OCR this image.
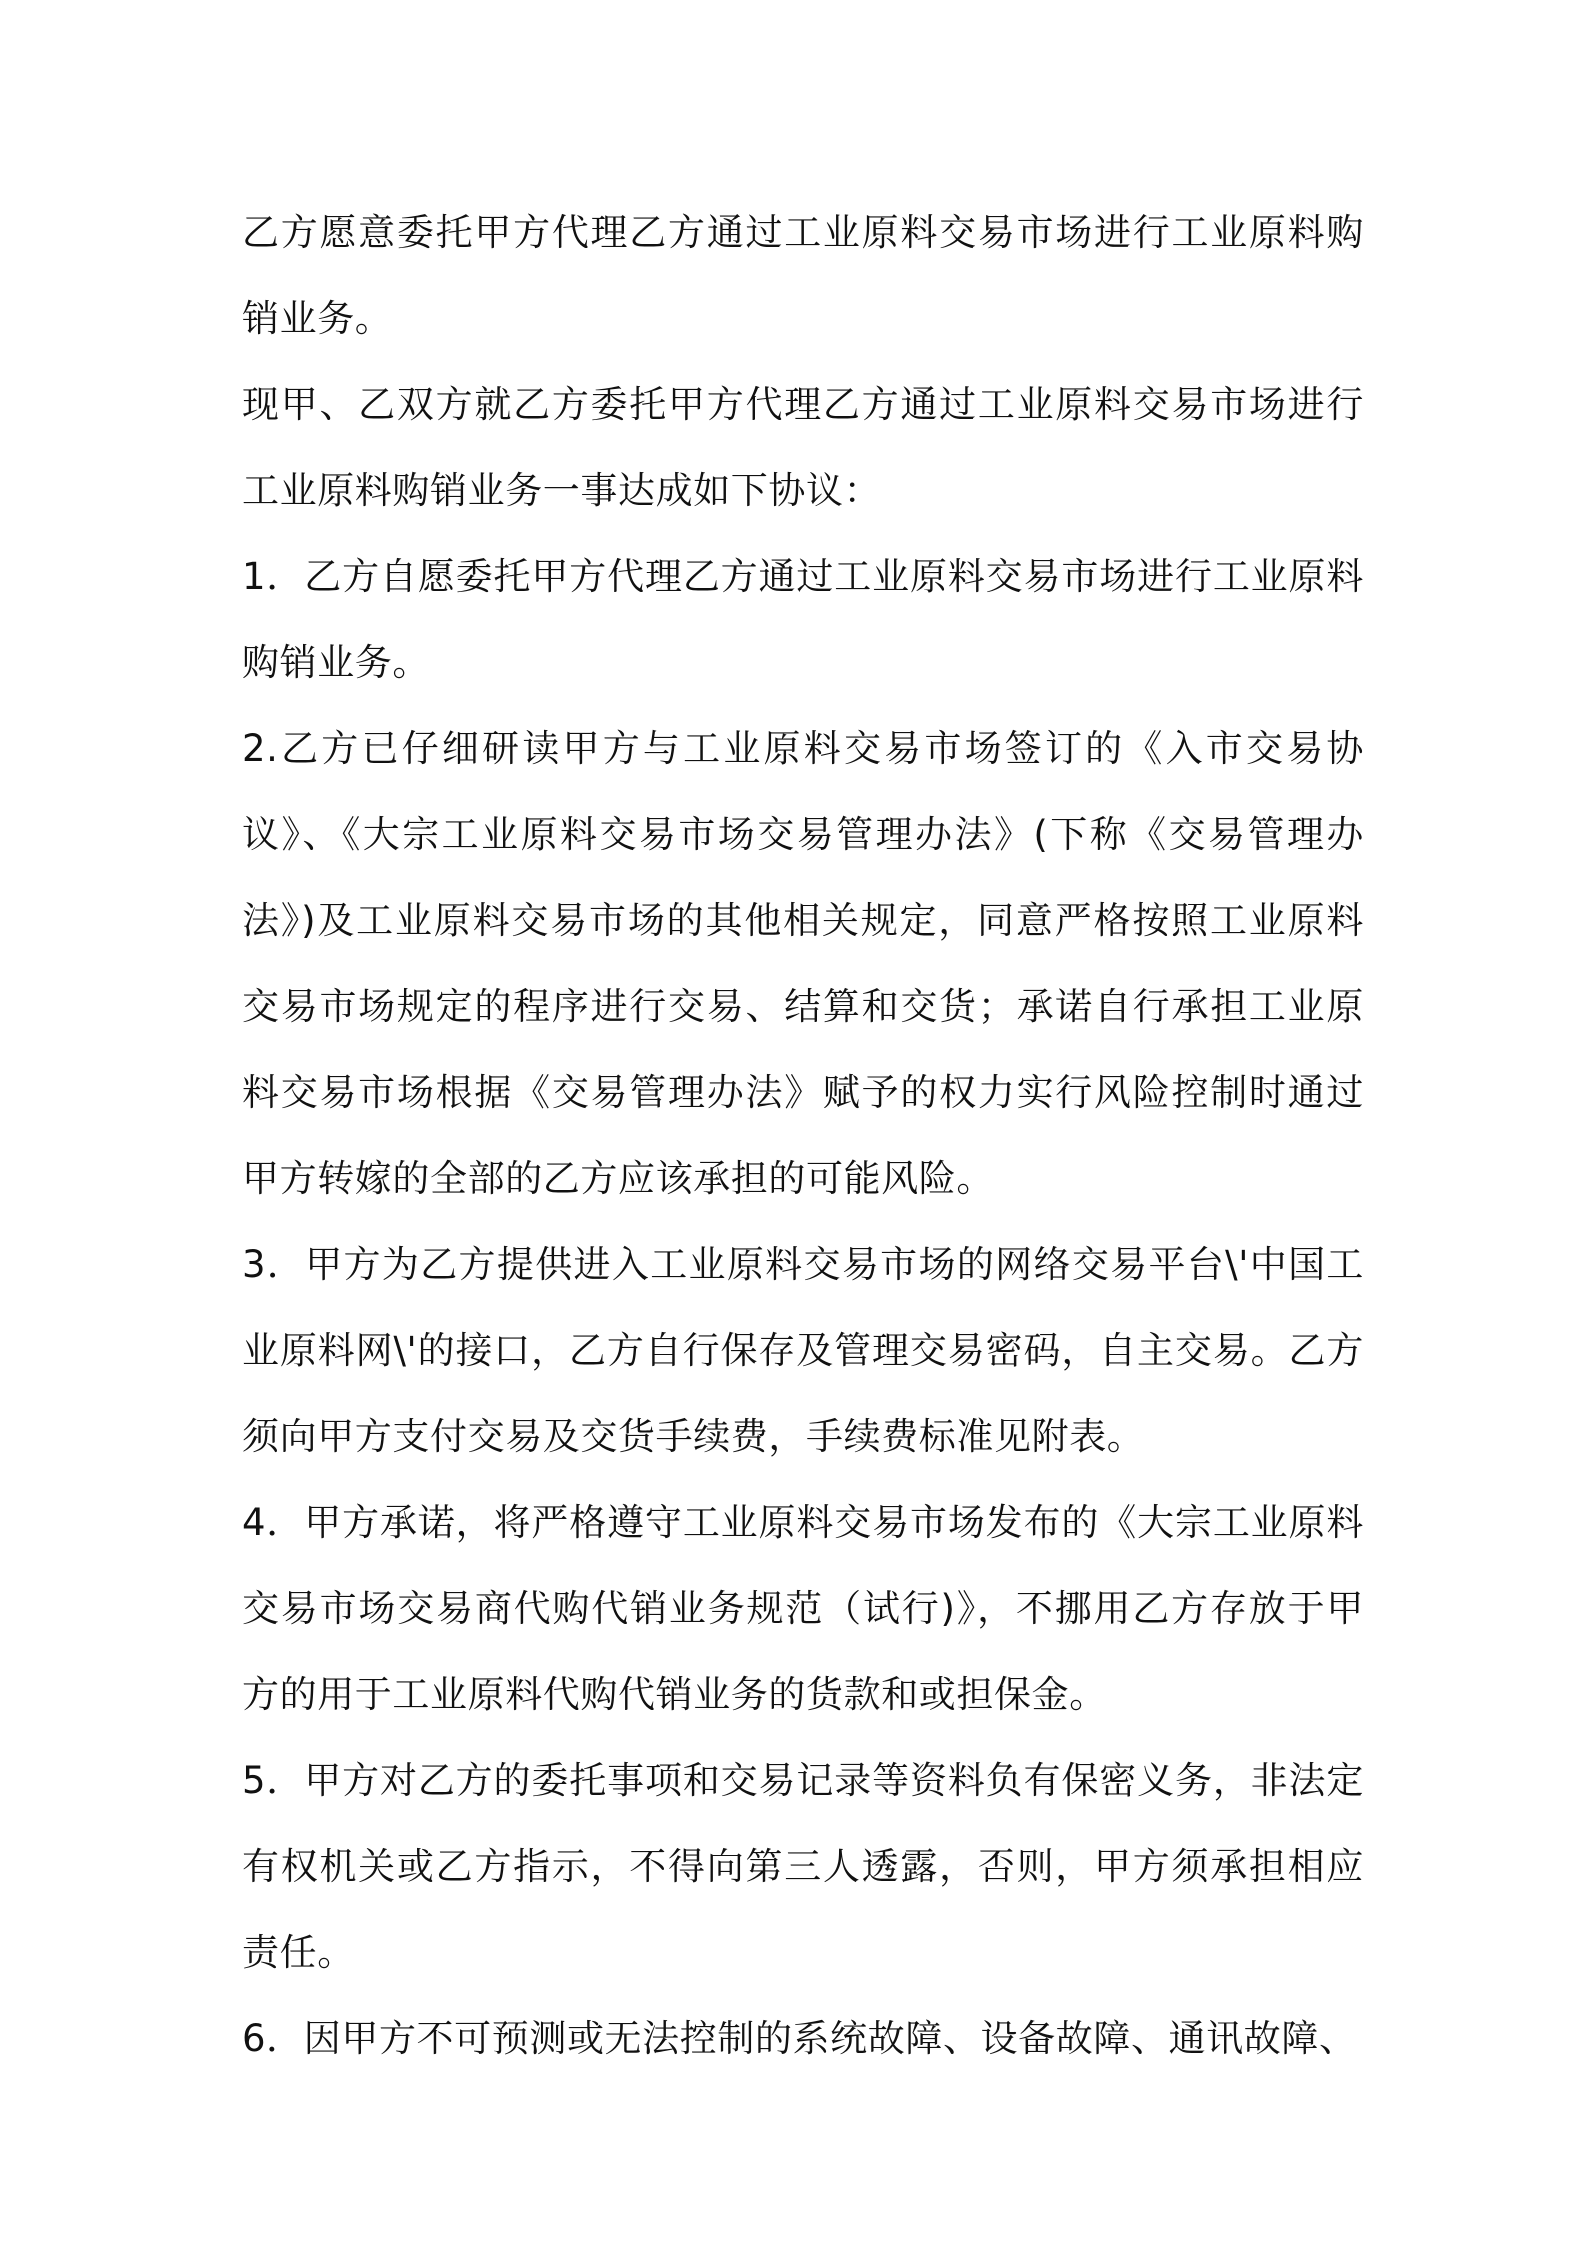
乙方愿意委托甲方代理乙方通过工业原料交易市场进行工业原料购销业务。

现甲、乙双方就乙方委托甲方代理乙方通过工业原料交易市场进行工业原料购销业务一事达成如下协议：

1．乙方自愿委托甲方代理乙方通过工业原料交易市场进行工业原料购销业务。

2.乙方已仔细研读甲方与工业原料交易市场签订的《入市交易协议》、《大宗工业原料交易市场交易管理办法》(下称《交易管理办法》)及工业原料交易市场的其他相关规定，同意严格按照工业原料交易市场规定的程序进行交易、结算和交货；承诺自行承担工业原料交易市场根据《交易管理办法》赋予的权力实行风险控制时通过甲方转嫁的全部的乙方应该承担的可能风险。

3．甲方为乙方提供进入工业原料交易市场的网络交易平台\'中国工业原料网\'的接口，乙方自行保存及管理交易密码，自主交易。乙方须向甲方支付交易及交货手续费，手续费标准见附表。

4．甲方承诺，将严格遵守工业原料交易市场发布的《大宗工业原料交易市场交易商代购代销业务规范（试行)》，不挪用乙方存放于甲方的用于工业原料代购代销业务的货款和或担保金。

5．甲方对乙方的委托事项和交易记录等资料负有保密义务，非法定有权机关或乙方指示，不得向第三人透露，否则，甲方须承担相应责任。

6．因甲方不可预测或无法控制的系统故障、设备故障、通讯故障、
